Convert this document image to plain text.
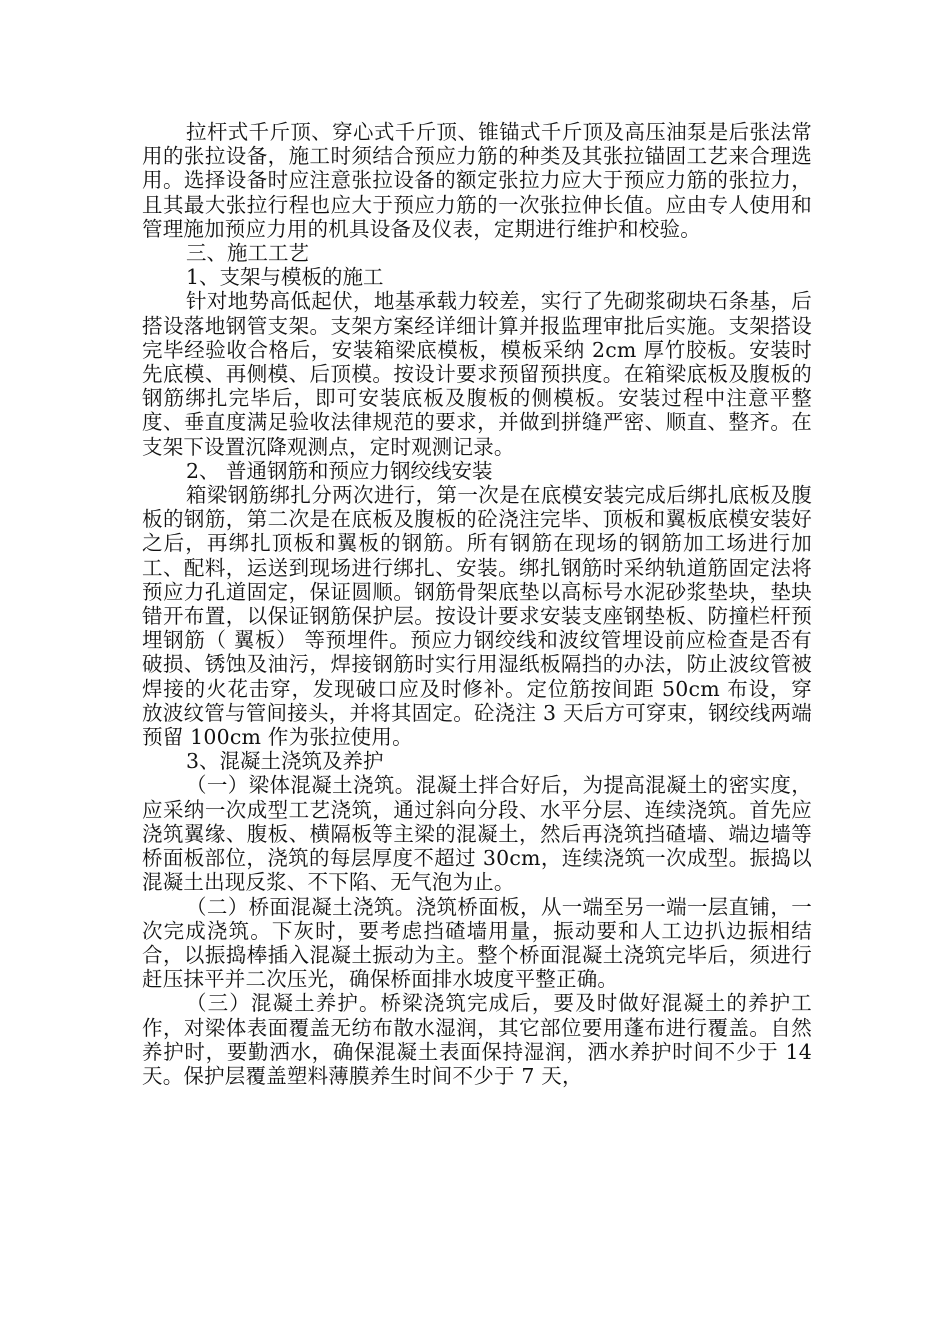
拉杆式千斤顶、穿心式千斤顶、锥锚式千斤顶及高压油泵是后张法常用的张拉设备，施工时须结合预应力筋的种类及其张拉锚固工艺来合理选用。选择设备时应注意张拉设备的额定张拉力应大于预应力筋的张拉力，且其最大张拉行程也应大于预应力筋的一次张拉伸长值。应由专人使用和管理施加预应力用的机具设备及仪表，定期进行维护和校验。

三、施工工艺

1、支架与模板的施工

针对地势高低起伏，地基承载力较差，实行了先砌浆砌块石条基，后搭设落地钢管支架。支架方案经详细计算并报监理审批后实施。支架搭设完毕经验收合格后，安装箱梁底模板，模板采纳 2cm 厚竹胶板。安装时先底模、再侧模、后顶模。按设计要求预留预拱度。在箱梁底板及腹板的钢筋绑扎完毕后，即可安装底板及腹板的侧模板。安装过程中注意平整度、垂直度满足验收法律规范的要求，并做到拼缝严密、顺直、整齐。在支架下设置沉降观测点，定时观测记录。

2、 普通钢筋和预应力钢绞线安装

箱梁钢筋绑扎分两次进行，第一次是在底模安装完成后绑扎底板及腹板的钢筋，第二次是在底板及腹板的砼浇注完毕、顶板和翼板底模安装好之后，再绑扎顶板和翼板的钢筋。所有钢筋在现场的钢筋加工场进行加工、配料，运送到现场进行绑扎、安装。绑扎钢筋时采纳轨道筋固定法将预应力孔道固定，保证圆顺。钢筋骨架底垫以高标号水泥砂浆垫块，垫块错开布置，以保证钢筋保护层。按设计要求安装支座钢垫板、防撞栏杆预埋钢筋（ 翼板） 等预埋件。预应力钢绞线和波纹管埋设前应检查是否有破损、锈蚀及油污，焊接钢筋时实行用湿纸板隔挡的办法，防止波纹管被焊接的火花击穿，发现破口应及时修补。定位筋按间距 50cm 布设，穿放波纹管与管间接头，并将其固定。砼浇注 3 天后方可穿束，钢绞线两端预留 100cm 作为张拉使用。

3、混凝土浇筑及养护

（一）梁体混凝土浇筑。混凝土拌合好后，为提高混凝土的密实度，应采纳一次成型工艺浇筑，通过斜向分段、水平分层、连续浇筑。首先应浇筑翼缘、腹板、横隔板等主梁的混凝土，然后再浇筑挡碴墙、端边墙等桥面板部位，浇筑的每层厚度不超过 30cm，连续浇筑一次成型。振捣以混凝土出现反浆、不下陷、无气泡为止。

（二）桥面混凝土浇筑。浇筑桥面板，从一端至另一端一层直铺，一次完成浇筑。下灰时，要考虑挡碴墙用量，振动要和人工边扒边振相结合，以振捣棒插入混凝土振动为主。整个桥面混凝土浇筑完毕后，须进行赶压抹平并二次压光，确保桥面排水坡度平整正确。

（三）混凝土养护。桥梁浇筑完成后，要及时做好混凝土的养护工作，对梁体表面覆盖无纺布散水湿润，其它部位要用蓬布进行覆盖。自然养护时，要勤洒水，确保混凝土表面保持湿润，洒水养护时间不少于 14 天。保护层覆盖塑料薄膜养生时间不少于 7 天，
